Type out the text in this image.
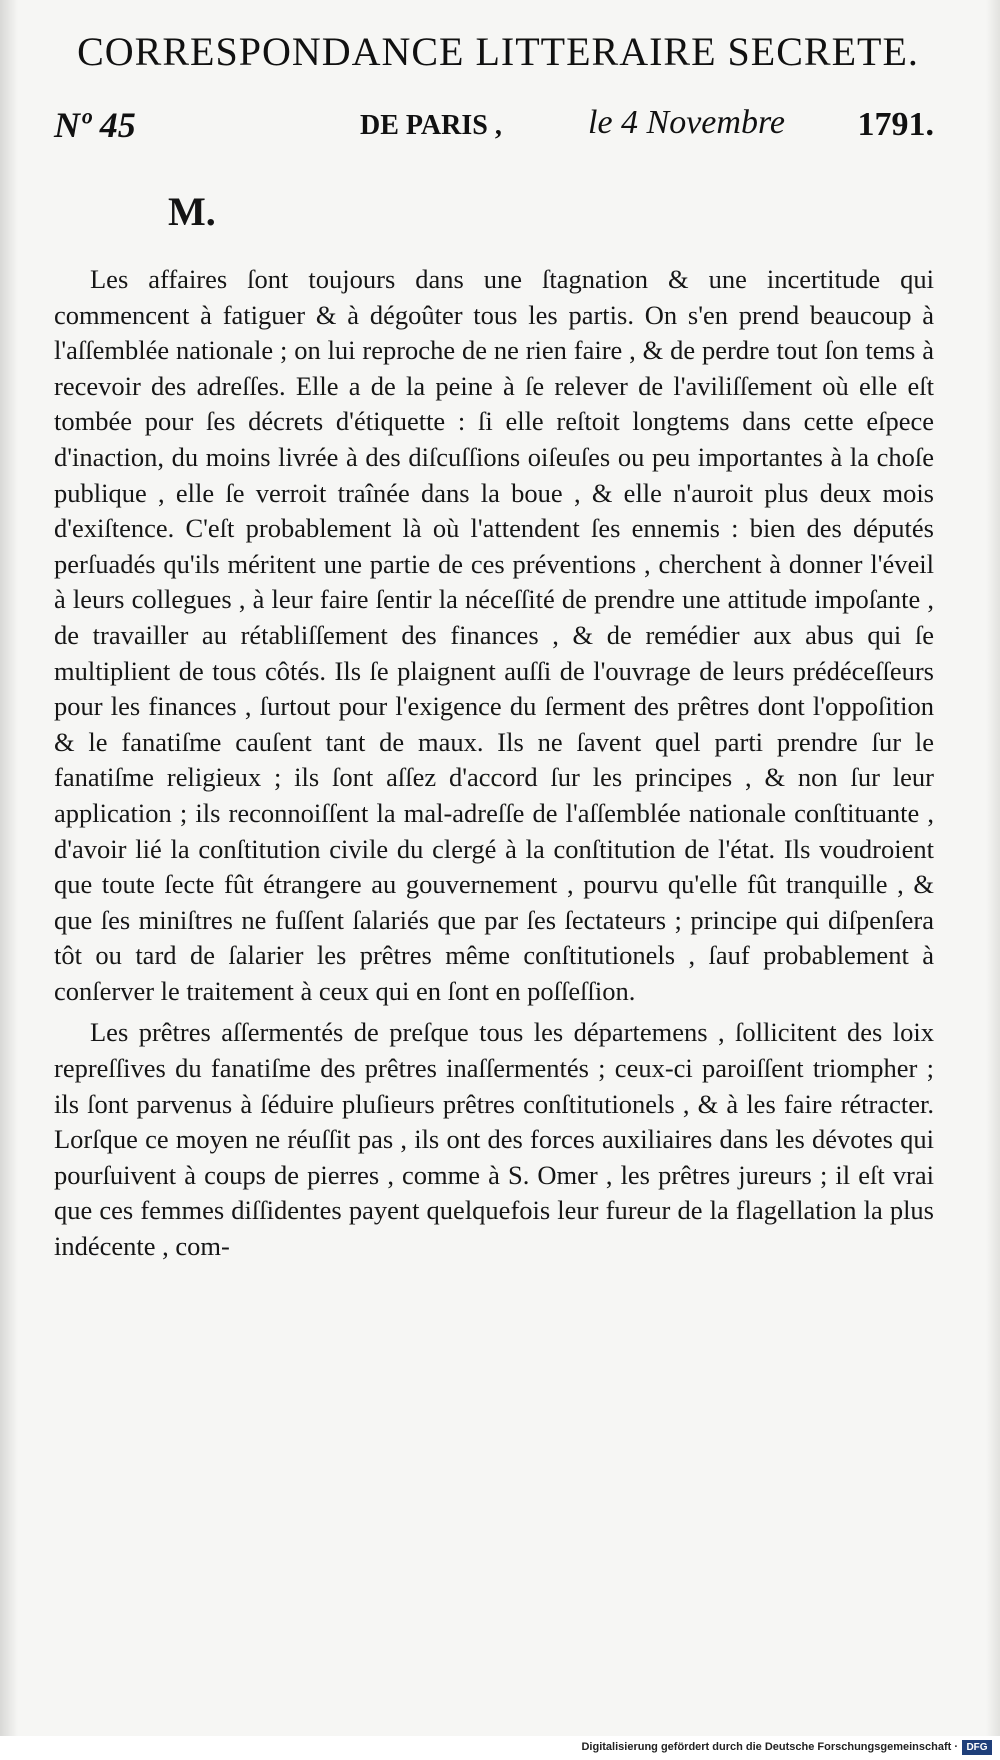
CORRESPONDANCE LITTERAIRE SECRETE.
Nº 45	DE PARIS ,	le 4 Novembre 1791.
M.

Les affaires ſont toujours dans une ſtagnation & une incertitude qui commencent à fatiguer & à dégoûter tous les partis. On s'en prend beaucoup à l'aſſemblée nationale ; on lui reproche de ne rien faire , & de perdre tout ſon tems à recevoir des adreſſes. Elle a de la peine à ſe relever de l'aviliſſement où elle eſt tombée pour ſes décrets d'étiquette : ſi elle reſtoit longtems dans cette eſpece d'inaction, du moins livrée à des diſcuſſions oiſeuſes ou peu importantes à la choſe publique , elle ſe verroit traînée dans la boue , & elle n'auroit plus deux mois d'exiſtence. C'eſt probablement là où l'attendent ſes ennemis : bien des députés perſuadés qu'ils méritent une partie de ces préventions , cherchent à donner l'éveil à leurs collegues , à leur faire ſentir la néceſſité de prendre une attitude impoſante , de travailler au rétabliſſement des finances , & de remédier aux abus qui ſe multiplient de tous côtés. Ils ſe plaignent auſſi de l'ouvrage de leurs prédéceſſeurs pour les finances , ſurtout pour l'exigence du ſerment des prêtres dont l'oppoſition & le fanatiſme cauſent tant de maux. Ils ne ſavent quel parti prendre ſur le fanatiſme religieux ; ils ſont aſſez d'accord ſur les principes , & non ſur leur application ; ils reconnoiſſent la mal-adreſſe de l'aſſemblée nationale conſtituante , d'avoir lié la conſtitution civile du clergé à la conſtitution de l'état. Ils voudroient que toute ſecte fût étrangere au gouvernement , pourvu qu'elle fût tranquille , & que ſes miniſtres ne fuſſent ſalariés que par ſes ſectateurs ; principe qui diſpenſera tôt ou tard de ſalarier les prêtres même conſtitutionels , ſauf probablement à conſerver le traitement à ceux qui en ſont en poſſeſſion.

Les prêtres aſſermentés de preſque tous les départemens , ſollicitent des loix repreſſives du fanatiſme des prêtres inaſſermentés ; ceux-ci paroiſſent triompher ; ils ſont parvenus à ſéduire pluſieurs prêtres conſtitutionels , & à les faire rétracter. Lorſque ce moyen ne réuſſit pas , ils ont des forces auxiliaires dans les dévotes qui pourſuivent à coups de pierres , comme à S. Omer , les prêtres jureurs ; il eſt vrai que ces femmes diſſidentes payent quelquefois leur fureur de la flagellation la plus indécente , com-

Digitalisierung gefördert durch die Deutsche Forschungsgemeinschaft · DFG
